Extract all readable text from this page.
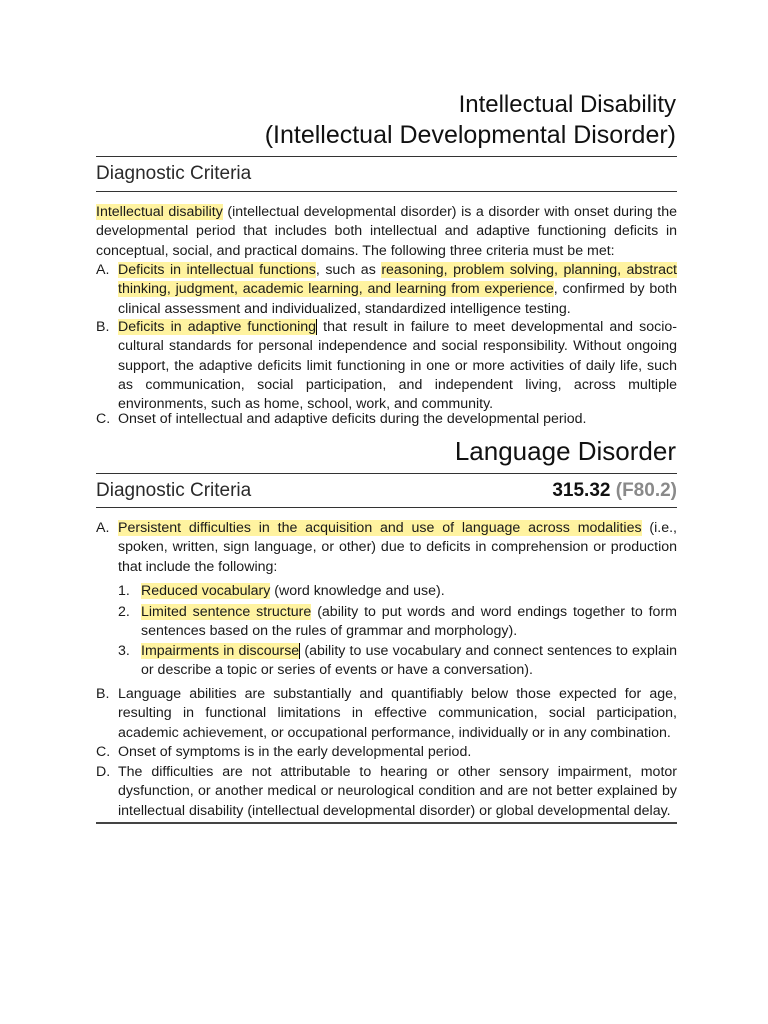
Intellectual Disability
(Intellectual Developmental Disorder)
Diagnostic Criteria
Intellectual disability (intellectual developmental disorder) is a disorder with onset during the developmental period that includes both intellectual and adaptive functioning deficits in conceptual, social, and practical domains. The following three criteria must be met:
A. Deficits in intellectual functions, such as reasoning, problem solving, planning, abstract thinking, judgment, academic learning, and learning from experience, confirmed by both clinical assessment and individualized, standardized intelligence testing.
B. Deficits in adaptive functioning that result in failure to meet developmental and socio-cultural standards for personal independence and social responsibility. Without ongoing support, the adaptive deficits limit functioning in one or more activities of daily life, such as communication, social participation, and independent living, across multiple environments, such as home, school, work, and community.
C. Onset of intellectual and adaptive deficits during the developmental period.
Language Disorder
Diagnostic Criteria	315.32 (F80.2)
A. Persistent difficulties in the acquisition and use of language across modalities (i.e., spoken, written, sign language, or other) due to deficits in comprehension or production that include the following:
1. Reduced vocabulary (word knowledge and use).
2. Limited sentence structure (ability to put words and word endings together to form sentences based on the rules of grammar and morphology).
3. Impairments in discourse (ability to use vocabulary and connect sentences to explain or describe a topic or series of events or have a conversation).
B. Language abilities are substantially and quantifiably below those expected for age, resulting in functional limitations in effective communication, social participation, academic achievement, or occupational performance, individually or in any combination.
C. Onset of symptoms is in the early developmental period.
D. The difficulties are not attributable to hearing or other sensory impairment, motor dysfunction, or another medical or neurological condition and are not better explained by intellectual disability (intellectual developmental disorder) or global developmental delay.
